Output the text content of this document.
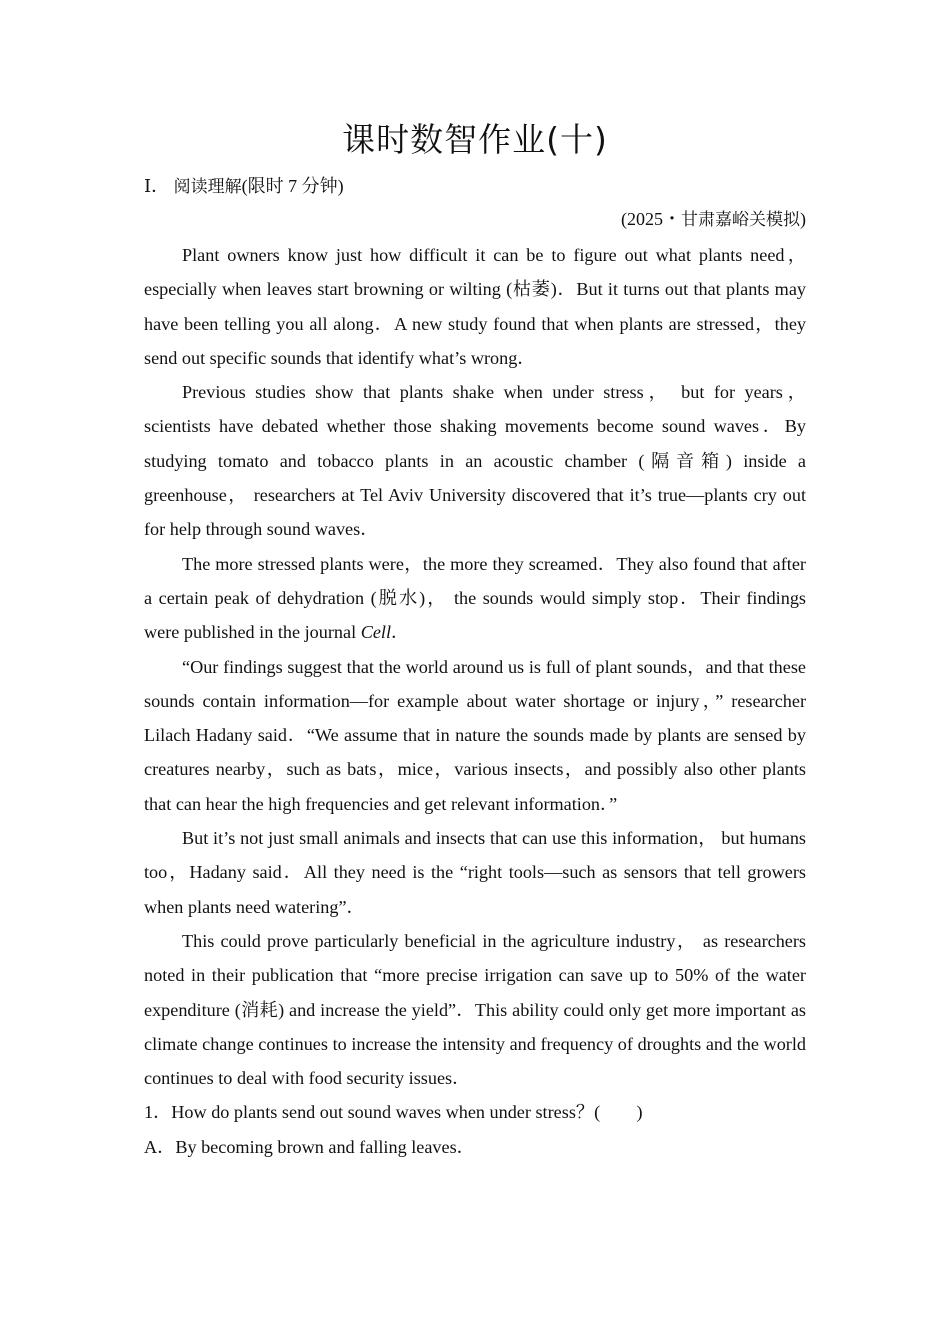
课时数智作业(十)

Ⅰ． 阅读理解(限时 7 分钟)

(2025・甘肃嘉峪关模拟)

Plant owners know just how difficult it can be to figure out what plants need，especially when leaves start browning or wilting (枯萎)．But it turns out that plants may have been telling you all along．A new study found that when plants are stressed，they send out specific sounds that identify what’s wrong．

Previous studies show that plants shake when under stress， but for years， scientists have debated whether those shaking movements become sound waves．By studying tomato and tobacco plants in an acoustic chamber (隔音箱) inside a greenhouse， researchers at Tel Aviv University discovered that it’s true—plants cry out for help through sound waves．

The more stressed plants were，the more they screamed．They also found that after a certain peak of dehydration (脱水)， the sounds would simply stop．Their findings were published in the journal Cell．

“Our findings suggest that the world around us is full of plant sounds，and that these sounds contain information—for example about water shortage or injury，” researcher Lilach Hadany said．“We assume that in nature the sounds made by plants are sensed by creatures nearby，such as bats，mice，various insects，and possibly also other plants that can hear the high frequencies and get relevant information．”

But it’s not just small animals and insects that can use this information， but humans too，Hadany said．All they need is the “right tools—such as sensors that tell growers when plants need watering”．

This could prove particularly beneficial in the agriculture industry， as researchers noted in their publication that “more precise irrigation can save up to 50% of the water expenditure (消耗) and increase the yield”．This ability could only get more important as climate change continues to increase the intensity and frequency of droughts and the world continues to deal with food security issues．

1．How do plants send out sound waves when under stress？(　　)

A．By becoming brown and falling leaves．
